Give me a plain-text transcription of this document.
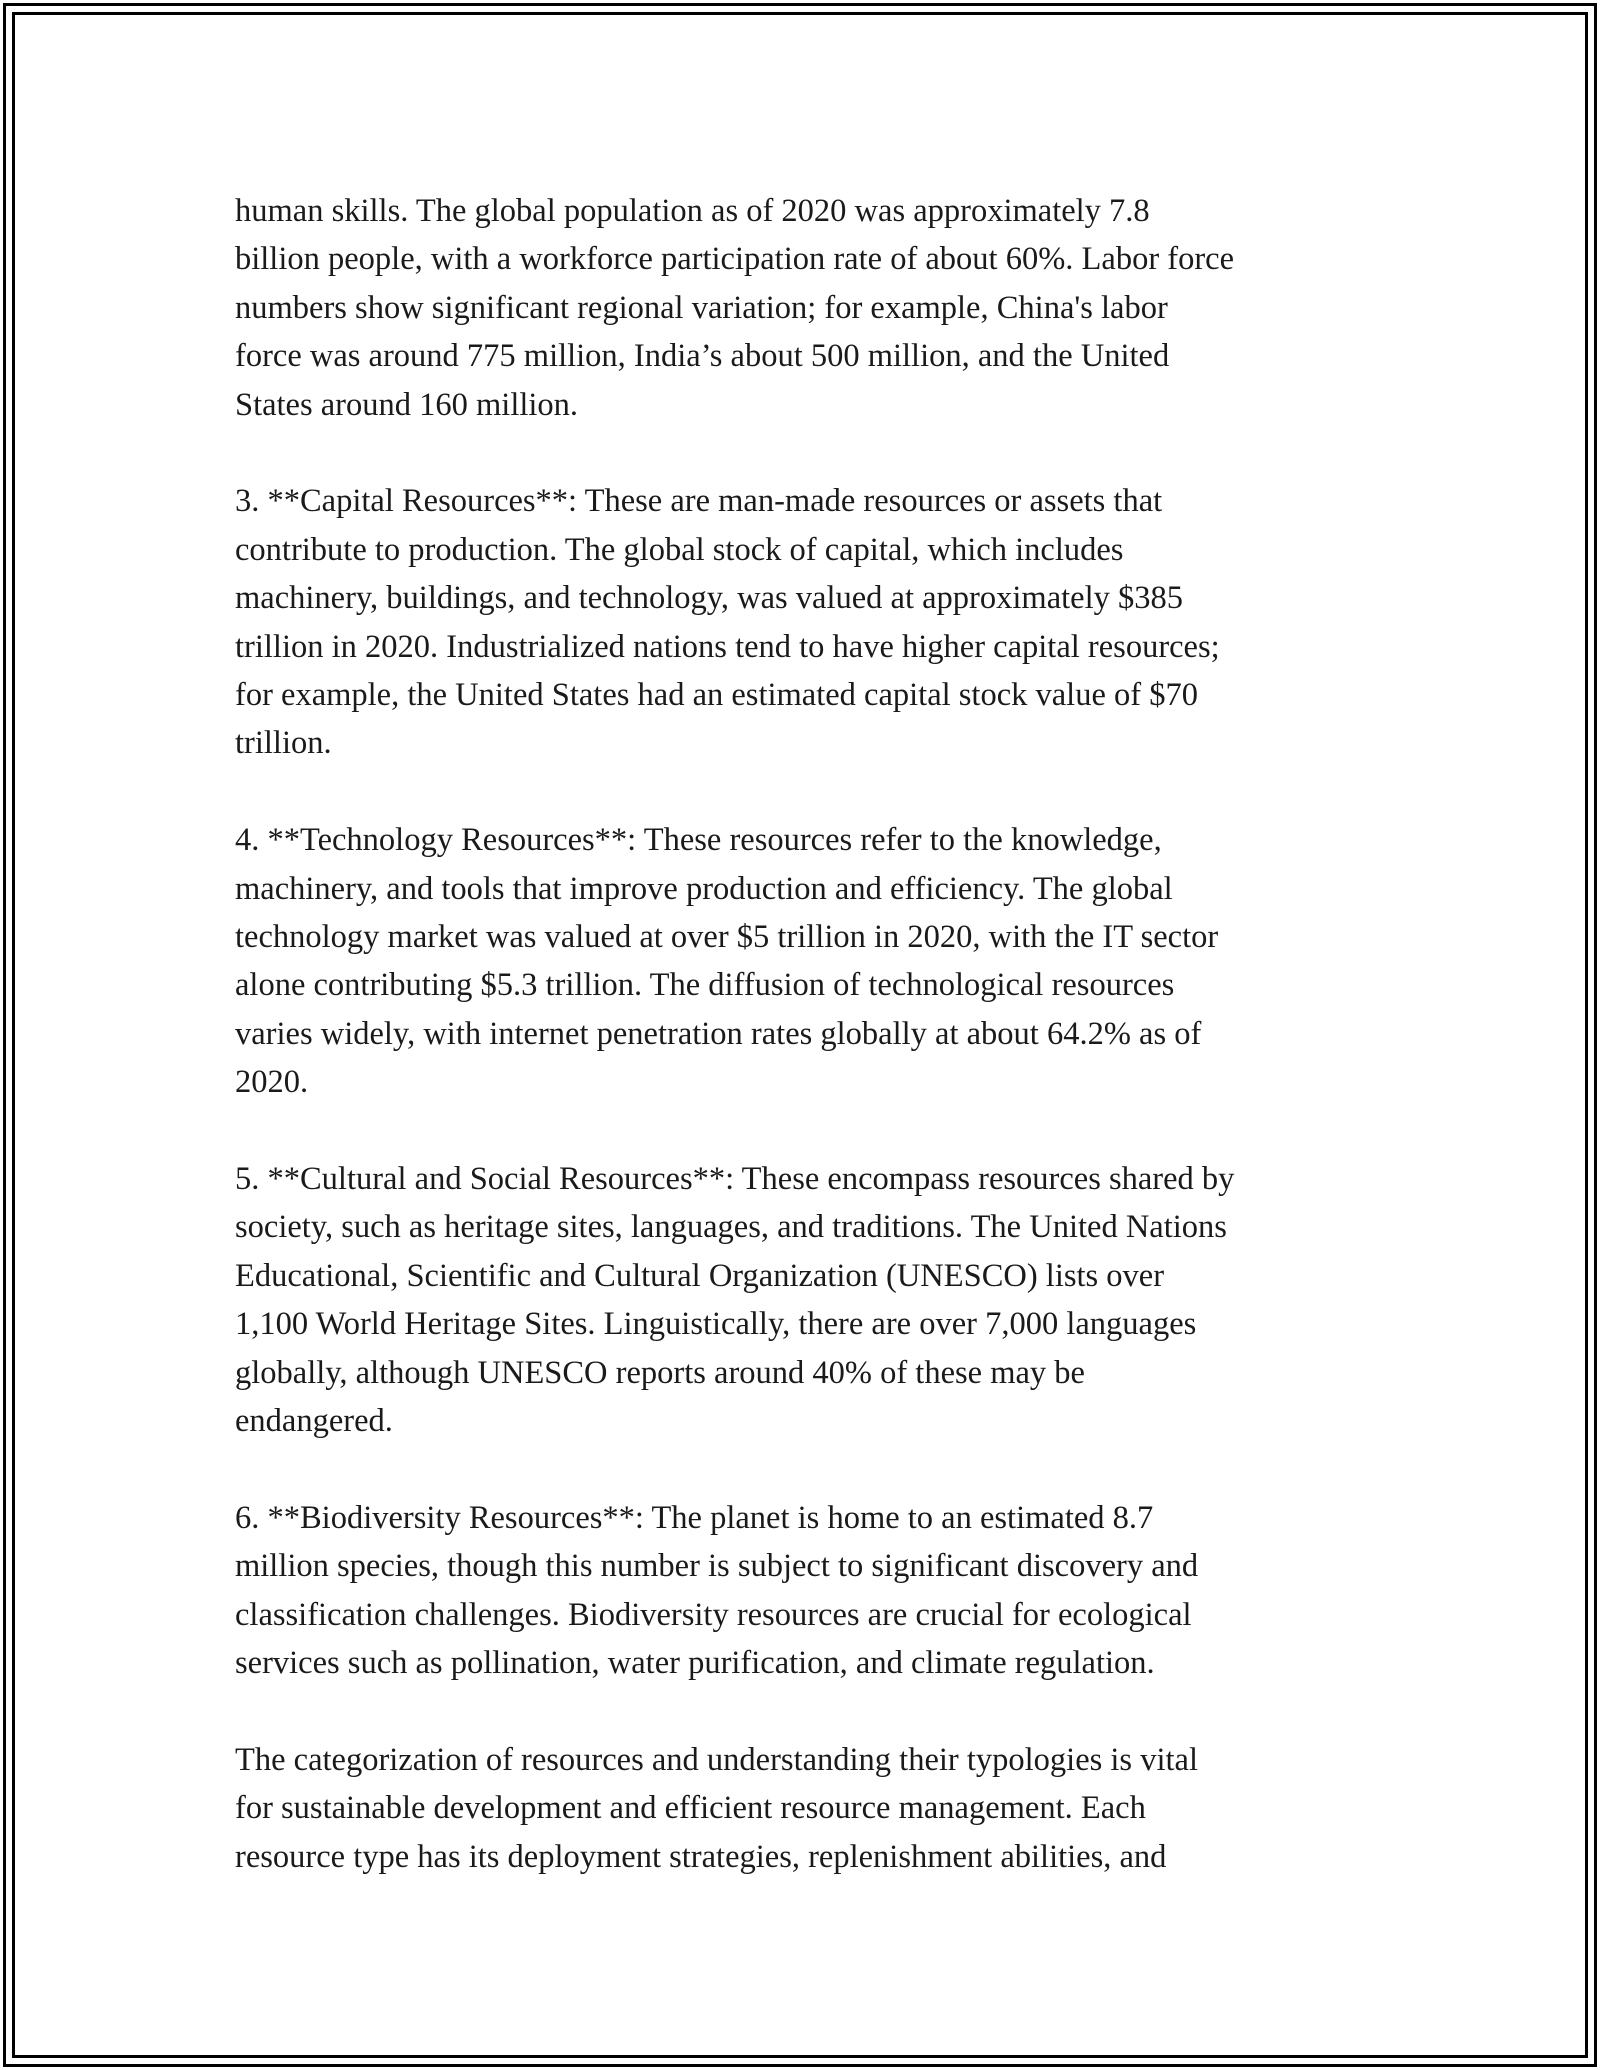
human skills. The global population as of 2020 was approximately 7.8
billion people, with a workforce participation rate of about 60%. Labor force
numbers show significant regional variation; for example, China's labor
force was around 775 million, India’s about 500 million, and the United
States around 160 million.

3. **Capital Resources**: These are man-made resources or assets that
contribute to production. The global stock of capital, which includes
machinery, buildings, and technology, was valued at approximately $385
trillion in 2020. Industrialized nations tend to have higher capital resources;
for example, the United States had an estimated capital stock value of $70
trillion.

4. **Technology Resources**: These resources refer to the knowledge,
machinery, and tools that improve production and efficiency. The global
technology market was valued at over $5 trillion in 2020, with the IT sector
alone contributing $5.3 trillion. The diffusion of technological resources
varies widely, with internet penetration rates globally at about 64.2% as of
2020.

5. **Cultural and Social Resources**: These encompass resources shared by
society, such as heritage sites, languages, and traditions. The United Nations
Educational, Scientific and Cultural Organization (UNESCO) lists over
1,100 World Heritage Sites. Linguistically, there are over 7,000 languages
globally, although UNESCO reports around 40% of these may be
endangered.

6. **Biodiversity Resources**: The planet is home to an estimated 8.7
million species, though this number is subject to significant discovery and
classification challenges. Biodiversity resources are crucial for ecological
services such as pollination, water purification, and climate regulation.

The categorization of resources and understanding their typologies is vital
for sustainable development and efficient resource management. Each
resource type has its deployment strategies, replenishment abilities, and
